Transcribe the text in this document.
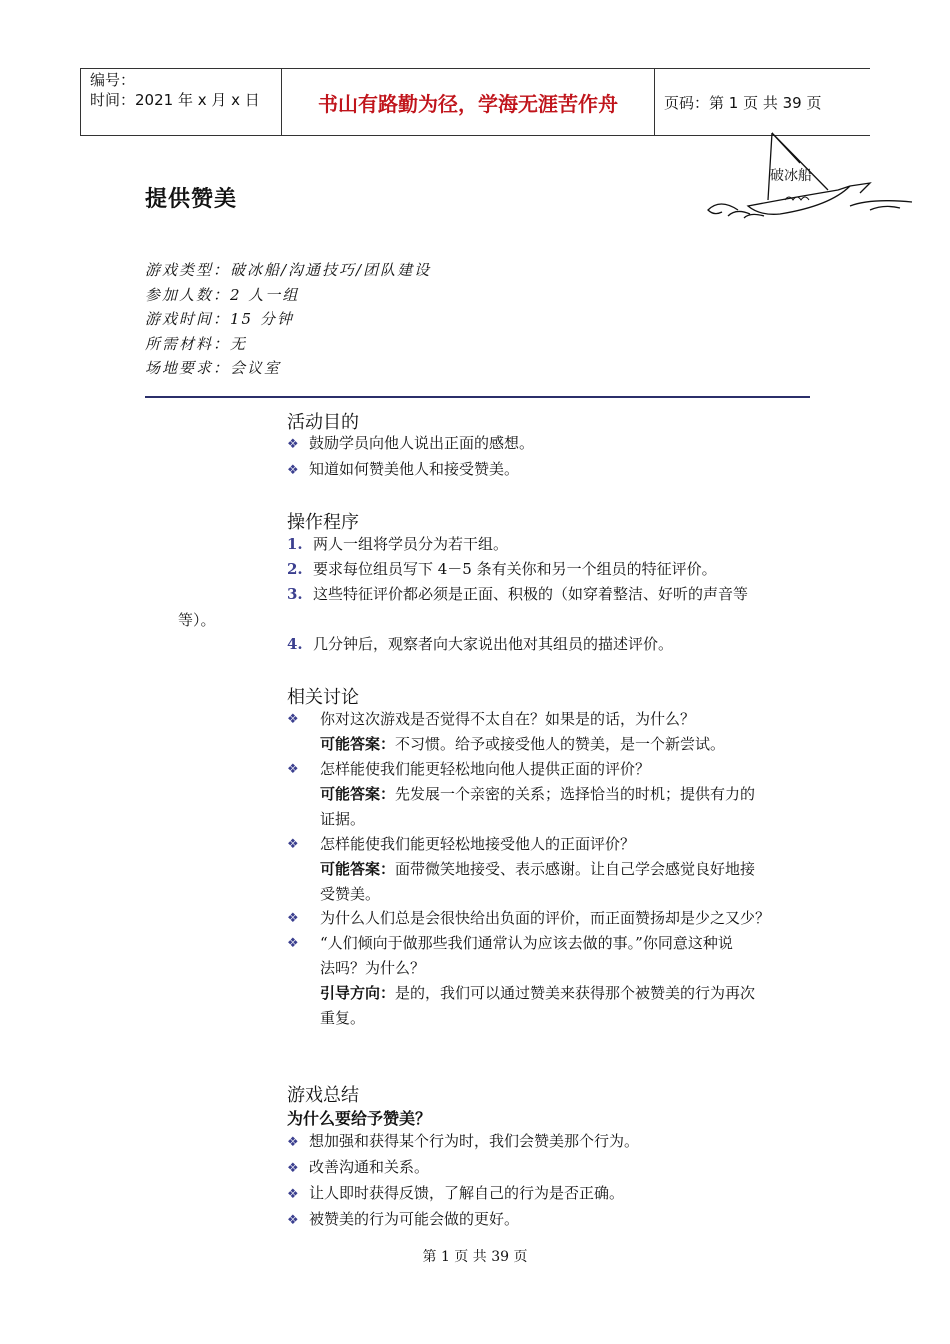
编号：
时间：2021 年 x 月 x 日	书山有路勤为径，学海无涯苦作舟	页码：第 1 页 共 39 页
破冰船
提供赞美
游戏类型：破冰船/沟通技巧/团队建设
参加人数：2 人一组
游戏时间：15 分钟
所需材料：无
场地要求：会议室
活动目的
❖ 鼓励学员向他人说出正面的感想。
❖ 知道如何赞美他人和接受赞美。
操作程序
1. 两人一组将学员分为若干组。
2. 要求每位组员写下 4－5 条有关你和另一个组员的特征评价。
3. 这些特征评价都必须是正面、积极的（如穿着整洁、好听的声音等
等）。
4. 几分钟后，观察者向大家说出他对其组员的描述评价。
相关讨论
❖	你对这次游戏是否觉得不太自在？如果是的话，为什么？
可能答案：不习惯。给予或接受他人的赞美，是一个新尝试。
❖	怎样能使我们能更轻松地向他人提供正面的评价？
可能答案：先发展一个亲密的关系；选择恰当的时机；提供有力的
证据。
❖	怎样能使我们能更轻松地接受他人的正面评价？
可能答案：面带微笑地接受、表示感谢。让自己学会感觉良好地接
受赞美。
❖	为什么人们总是会很快给出负面的评价，而正面赞扬却是少之又少？
❖	“人们倾向于做那些我们通常认为应该去做的事。”你同意这种说
法吗？为什么？
引导方向：是的，我们可以通过赞美来获得那个被赞美的行为再次
重复。
游戏总结
为什么要给予赞美？
❖ 想加强和获得某个行为时，我们会赞美那个行为。
❖ 改善沟通和关系。
❖ 让人即时获得反馈，了解自己的行为是否正确。
❖ 被赞美的行为可能会做的更好。
第 1 页 共 39 页
